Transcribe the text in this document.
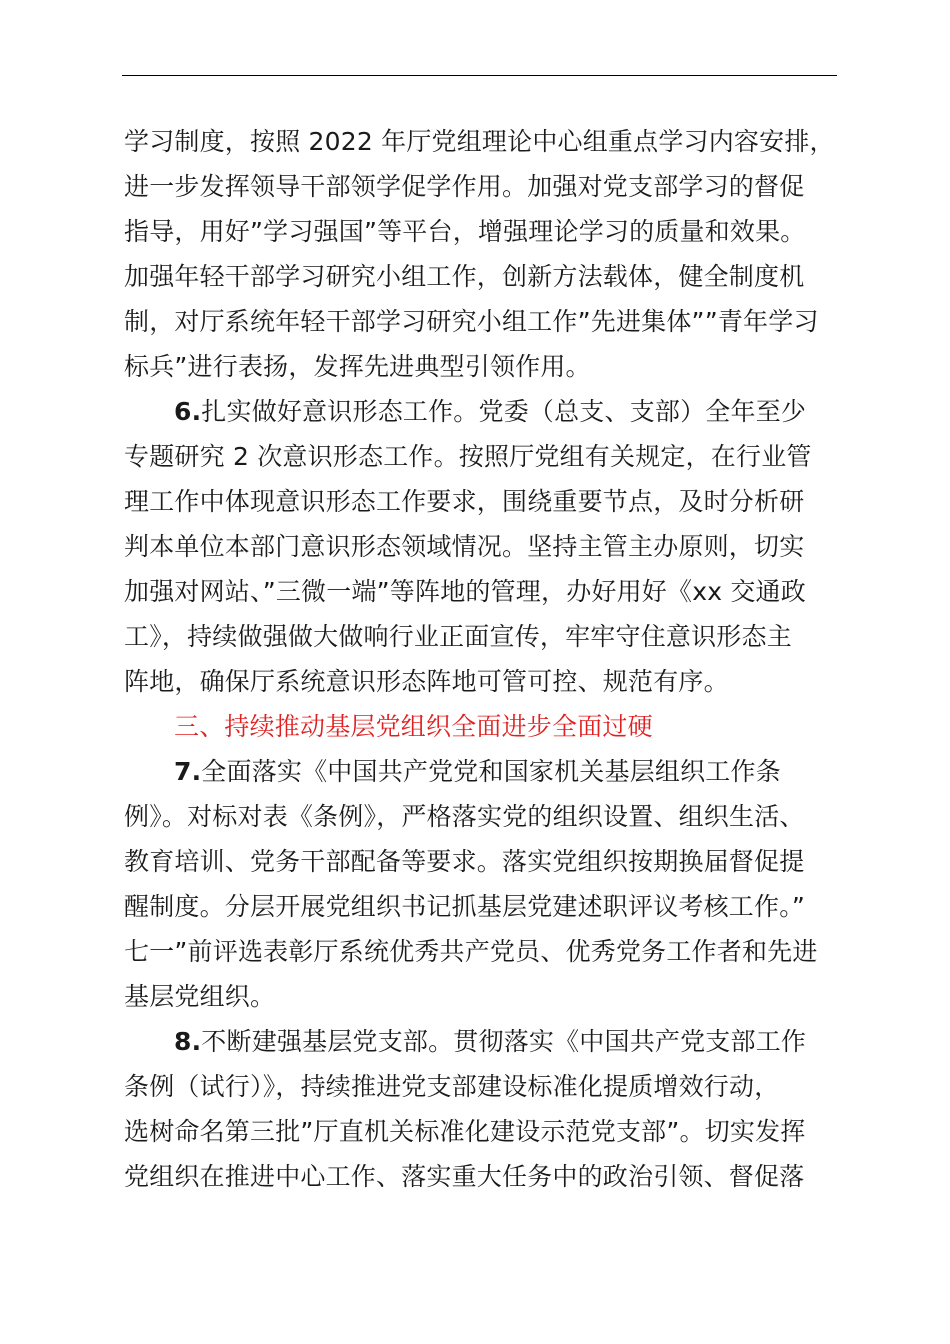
学习制度，按照 2022 年厅党组理论中心组重点学习内容安排，
进一步发挥领导干部领学促学作用。加强对党支部学习的督促
指导，用好”学习强国”等平台，增强理论学习的质量和效果。
加强年轻干部学习研究小组工作，创新方法载体，健全制度机
制，对厅系统年轻干部学习研究小组工作”先进集体””青年学习
标兵”进行表扬，发挥先进典型引领作用。
6.扎实做好意识形态工作。党委（总支、支部）全年至少
专题研究 2 次意识形态工作。按照厅党组有关规定，在行业管
理工作中体现意识形态工作要求，围绕重要节点，及时分析研
判本单位本部门意识形态领域情况。坚持主管主办原则，切实
加强对网站、”三微一端”等阵地的管理，办好用好《xx 交通政
工》，持续做强做大做响行业正面宣传，牢牢守住意识形态主
阵地，确保厅系统意识形态阵地可管可控、规范有序。
三、持续推动基层党组织全面进步全面过硬
7.全面落实《中国共产党党和国家机关基层组织工作条
例》。对标对表《条例》，严格落实党的组织设置、组织生活、
教育培训、党务干部配备等要求。落实党组织按期换届督促提
醒制度。分层开展党组织书记抓基层党建述职评议考核工作。”
七一”前评选表彰厅系统优秀共产党员、优秀党务工作者和先进
基层党组织。
8.不断建强基层党支部。贯彻落实《中国共产党支部工作
条例（试行）》，持续推进党支部建设标准化提质增效行动，
选树命名第三批”厅直机关标准化建设示范党支部”。切实发挥
党组织在推进中心工作、落实重大任务中的政治引领、督促落
